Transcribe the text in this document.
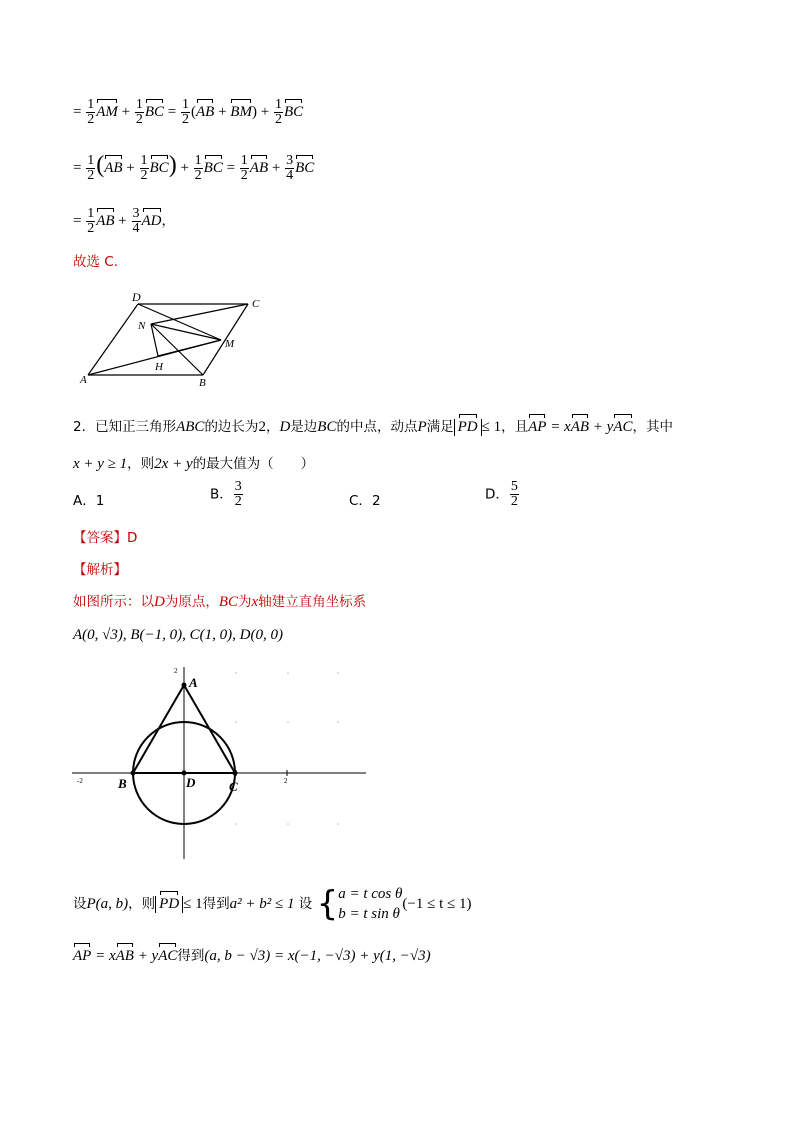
= $\frac{1}{2}$ AM + $\frac{1}{2}$ BC = $\frac{1}{2} (AB + BM) + \frac{1}{2}$ BC
= $\frac{1}{2} (AB + \frac{1}{2} BC) + \frac{1}{2}$ BC = $\frac{1}{2}$ AB + $\frac{3}{4}$ BC
= $\frac{1}{2}$ AB + $\frac{3}{4}$ AD，
故选 C．
D	C
N
M
H
A	B
2．已知正三角形ABC的边长为2，D是边BC的中点，动点P满足 PD ≤ 1，且AP = xAB + yAC，其中
x + y ≥ 1，则2x + y的最大值为（　　）
A．1	B． $\frac{3}{2}$	C．2	D． $\frac{5}{2}$
【答案】D
【解析】
如图所示：以D为原点，BC为x轴建立直角坐标系
A(0, √3), B(−1, 0), C(1, 0), D(0, 0)
A
B	C
D
2
-2	2
设P(a, b)，则 PD ≤ 1得到a² + b² ≤ 1 设 { a = t cos θ
b = t sin θ
(−1 ≤ t ≤ 1)
AP = xAB + yAC得到(a, b − √3) = x(−1, −√3) + y(1, −√3)
